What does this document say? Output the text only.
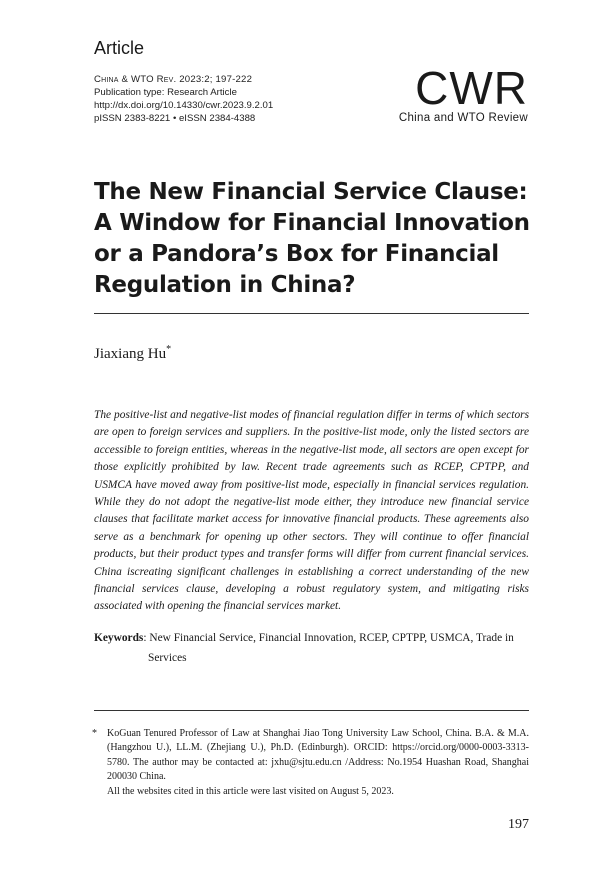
Article
China & WTO Rev. 2023:2; 197-222
Publication type: Research Article
http://dx.doi.org/10.14330/cwr.2023.9.2.01
pISSN 2383-8221 • eISSN 2384-4388
CWR
China and WTO Review
The New Financial Service Clause:
A Window for Financial Innovation
or a Pandora’s Box for Financial
Regulation in China?
Jiaxiang Hu*
The positive-list and negative-list modes of financial regulation differ in terms of which sectors are open to foreign services and suppliers. In the positive-list mode, only the listed sectors are accessible to foreign entities, whereas in the negative-list mode, all sectors are open except for those explicitly prohibited by law. Recent trade agreements such as RCEP, CPTPP, and USMCA have moved away from positive-list mode, especially in financial services regulation. While they do not adopt the negative-list mode either, they introduce new financial service clauses that facilitate market access for innovative financial products. These agreements also serve as a benchmark for opening up other sectors. They will continue to offer financial products, but their product types and transfer forms will differ from current financial services. China iscreating significant challenges in establishing a correct understanding of the new financial services clause, developing a robust regulatory system, and mitigating risks associated with opening the financial services market.
Keywords: New Financial Service, Financial Innovation, RCEP, CPTPP, USMCA, Trade in
Services
*	KoGuan Tenured Professor of Law at Shanghai Jiao Tong University Law School, China. B.A. & M.A. (Hangzhou U.), LL.M. (Zhejiang U.), Ph.D. (Edinburgh). ORCID: https://orcid.org/0000-0003-3313-5780. The author may be contacted at: jxhu@sjtu.edu.cn /Address: No.1954 Huashan Road, Shanghai 200030 China.
All the websites cited in this article were last visited on August 5, 2023.
197
